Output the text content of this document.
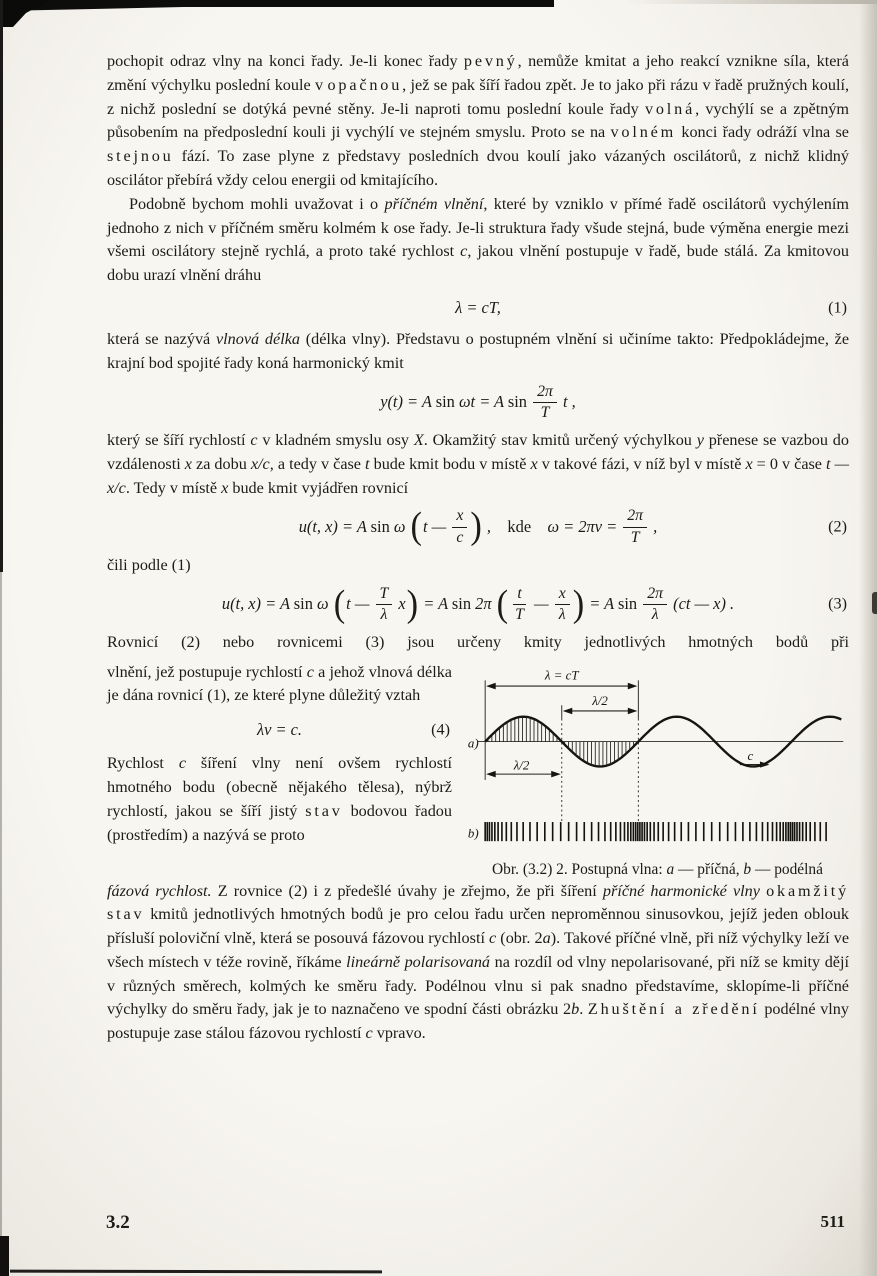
pochopit odraz vlny na konci řady. Je-li konec řady pevný, nemůže kmitat a jeho reakcí vznikne síla, která změní výchylku poslední koule v opačnou, jež se pak šíří řadou zpět. Je to jako při rázu v řadě pružných koulí, z nichž poslední se dotýká pevné stěny. Je-li naproti tomu poslední koule řady volná, vychýlí se a zpětným působením na předposlední kouli ji vychýlí ve stejném smyslu. Proto se na volném konci řady odráží vlna se stejnou fází. To zase plyne z představy posledních dvou koulí jako vázaných oscilátorů, z nichž klidný oscilátor přebírá vždy celou energii od kmitajícího.

Podobně bychom mohli uvažovat i o příčném vlnění, které by vzniklo v přímé řadě oscilátorů vychýlením jednoho z nich v příčném směru kolmém k ose řady. Je-li struktura řady všude stejná, bude výměna energie mezi všemi oscilátory stejně rychlá, a proto také rychlost c, jakou vlnění postupuje v řadě, bude stálá. Za kmitovou dobu urazí vlnění dráhu

λ = cT,	(1)

která se nazývá vlnová délka (délka vlny). Představu o postupném vlnění si učiníme takto: Předpokládejme, že krajní bod spojité řady koná harmonický kmit

y(t) = A sin ωt = A $\sin \frac{2\pi}{T}$ t ,

který se šíří rychlostí c v kladném smyslu osy X. Okamžitý stav kmitů určený výchylkou y přenese se vazbou do vzdálenosti x za dobu x/c, a tedy v čase t bude kmit bodu v místě x v takové fázi, v níž byl v místě x = 0 v čase t — x/c. Tedy v místě x bude kmit vyjádřen rovnicí

u(t, x) = A sin ω ( t — $\frac{x}{c}$ ) , kde $\omega = 2\pi\nu = \frac{2\pi}{T}$ ,	(2)

čili podle (1)

u(t, x) = A sin ω ( t — $\frac{T}{\lambda}$ x ) = A sin 2π ( $\frac{t}{T}$ — $\frac{x}{\lambda}$ ) = A $\sin \frac{2\pi}{\lambda} (ct$ — x) .	(3)

Rovnicí (2) nebo rovnicemi (3) jsou určeny kmity jednotlivých hmotných bodů při

vlnění, jež postupuje rychlostí c a jehož vlnová délka je dána rovnicí (1), ze které plyne důležitý vztah

λν = c.	(4)

Rychlost c šíření vlny není ovšem rychlostí hmotného bodu (obecně nějakého tělesa), nýbrž rychlostí, jakou se šíří jistý stav bodovou řadou (prostředím) a nazývá se proto

λ = cT
λ/2
λ/2
c
a)
b)

Obr. (3.2) 2. Postupná vlna: a — příčná, b — podélná

fázová rychlost. Z rovnice (2) i z předešlé úvahy je zřejmo, že při šíření příčné harmonické vlny okamžitý stav kmitů jednotlivých hmotných bodů je pro celou řadu určen neproměnnou sinusovkou, jejíž jeden oblouk přísluší poloviční vlně, která se posouvá fázovou rychlostí c (obr. 2a). Takové příčné vlně, při níž výchylky leží ve všech místech v téže rovině, říkáme lineárně polarisovaná na rozdíl od vlny nepolarisované, při níž se kmity dějí v různých směrech, kolmých ke směru řady. Podélnou vlnu si pak snadno představíme, sklopíme-li příčné výchylky do směru řady, jak je to naznačeno ve spodní části obrázku 2b. Zhuštění a zředění podélné vlny postupuje zase stálou fázovou rychlostí c vpravo.

3.2	511
